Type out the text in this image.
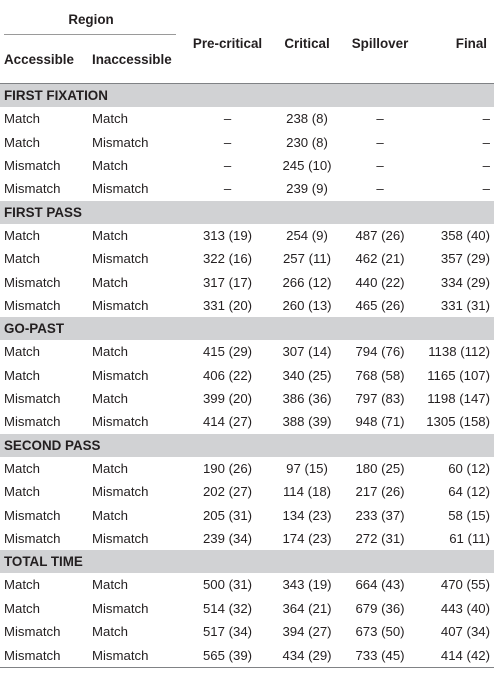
Region		Pre-critical	Critical	Spillover	Final
Accessible	Inaccessible				
FIRST FIXATION					
Match	Match	–	238 (8)	–	–
Match	Mismatch	–	230 (8)	–	–
Mismatch	Match	–	245 (10)	–	–
Mismatch	Mismatch	–	239 (9)	–	–
FIRST PASS					
Match	Match	313 (19)	254 (9)	487 (26)	358 (40)
Match	Mismatch	322 (16)	257 (11)	462 (21)	357 (29)
Mismatch	Match	317 (17)	266 (12)	440 (22)	334 (29)
Mismatch	Mismatch	331 (20)	260 (13)	465 (26)	331 (31)
GO-PAST					
Match	Match	415 (29)	307 (14)	794 (76)	1138 (112)
Match	Mismatch	406 (22)	340 (25)	768 (58)	1165 (107)
Mismatch	Match	399 (20)	386 (36)	797 (83)	1198 (147)
Mismatch	Mismatch	414 (27)	388 (39)	948 (71)	1305 (158)
SECOND PASS					
Match	Match	190 (26)	97 (15)	180 (25)	60 (12)
Match	Mismatch	202 (27)	114 (18)	217 (26)	64 (12)
Mismatch	Match	205 (31)	134 (23)	233 (37)	58 (15)
Mismatch	Mismatch	239 (34)	174 (23)	272 (31)	61 (11)
TOTAL TIME					
Match	Match	500 (31)	343 (19)	664 (43)	470 (55)
Match	Mismatch	514 (32)	364 (21)	679 (36)	443 (40)
Mismatch	Match	517 (34)	394 (27)	673 (50)	407 (34)
Mismatch	Mismatch	565 (39)	434 (29)	733 (45)	414 (42)
